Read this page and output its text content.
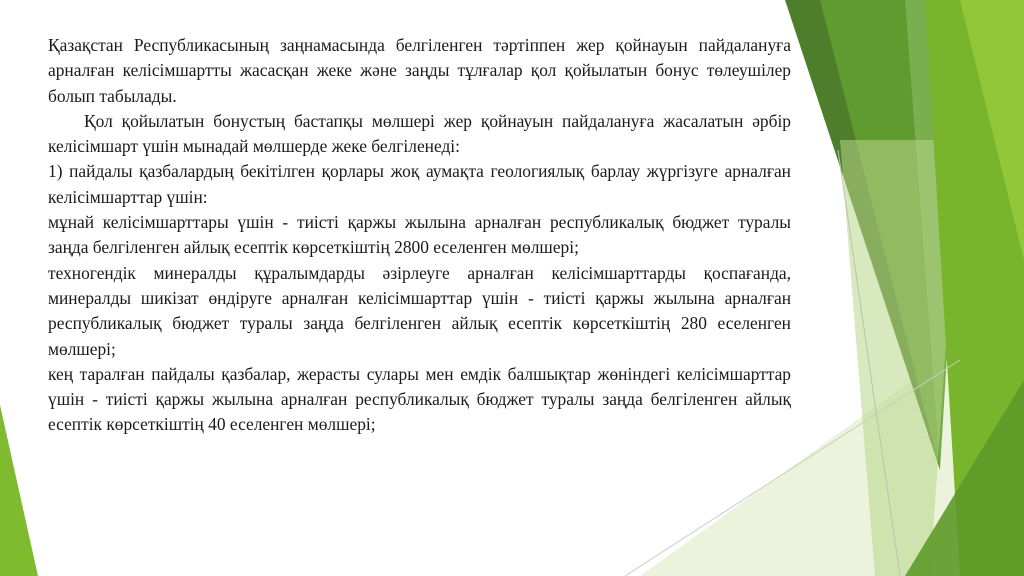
Қазақстан Республикасының заңнамасында белгіленген тәртіппен жер қойнауын пайдалануға арналған келісімшартты жасасқан жеке және заңды тұлғалар қол қойылатын бонус төлеушілер болып табылады.

Қол қойылатын бонустың бастапқы мөлшері жер қойнауын пайдалануға жасалатын әрбір келісімшарт үшін мынадай мөлшерде жеке белгіленеді:

1) пайдалы қазбалардың бекітілген қорлары жоқ аумақта геологиялық барлау жүргізуге арналған келісімшарттар үшін:

мұнай келісімшарттары үшін - тиісті қаржы жылына арналған республикалық бюджет туралы заңда белгіленген айлық есептік көрсеткіштің 2800 еселенген мөлшері;

техногендік минералды құралымдарды әзірлеуге арналған келісімшарттарды қоспағанда, минералды шикізат өндіруге арналған келісімшарттар үшін - тиісті қаржы жылына арналған республикалық бюджет туралы заңда белгіленген айлық есептік көрсеткіштің 280 еселенген мөлшері;

кең таралған пайдалы қазбалар, жерасты сулары мен емдік балшықтар жөніндегі келісімшарттар үшін - тиісті қаржы жылына арналған республикалық бюджет туралы заңда белгіленген айлық есептік көрсеткіштің 40 еселенген мөлшері;
